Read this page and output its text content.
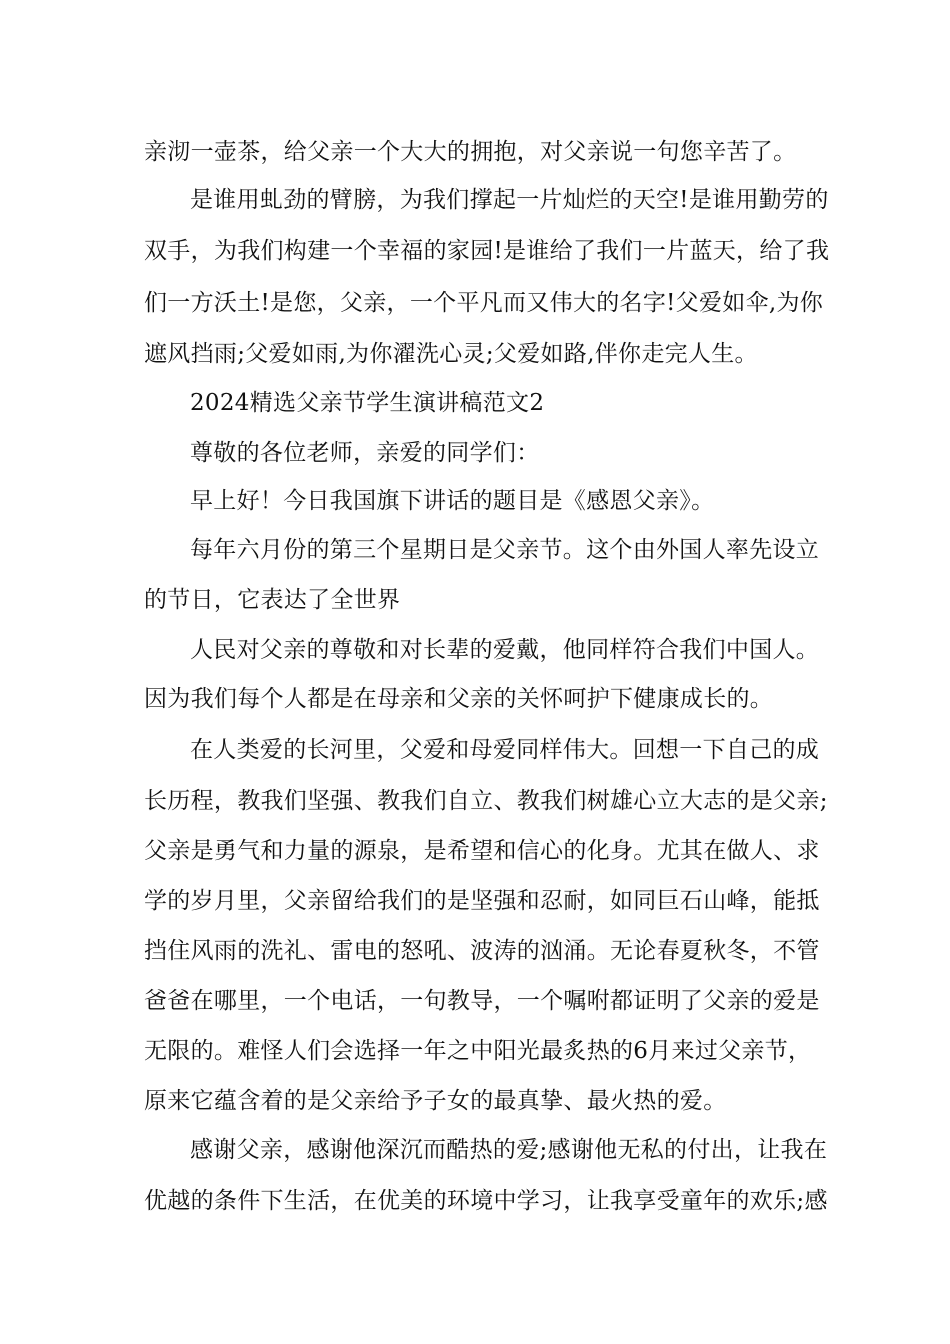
亲沏一壶茶，给父亲一个大大的拥抱，对父亲说一句您辛苦了。
是谁用虬劲的臂膀，为我们撑起一片灿烂的天空!是谁用勤劳的
双手，为我们构建一个幸福的家园!是谁给了我们一片蓝天，给了我
们一方沃土!是您，父亲，一个平凡而又伟大的名字!父爱如伞,为你
遮风挡雨;父爱如雨,为你濯洗心灵;父爱如路,伴你走完人生。
2024精选父亲节学生演讲稿范文2
尊敬的各位老师，亲爱的同学们：
早上好！今日我国旗下讲话的题目是《感恩父亲》。
每年六月份的第三个星期日是父亲节。这个由外国人率先设立
的节日，它表达了全世界
人民对父亲的尊敬和对长辈的爱戴，他同样符合我们中国人。
因为我们每个人都是在母亲和父亲的关怀呵护下健康成长的。
在人类爱的长河里，父爱和母爱同样伟大。回想一下自己的成
长历程，教我们坚强、教我们自立、教我们树雄心立大志的是父亲;
父亲是勇气和力量的源泉，是希望和信心的化身。尤其在做人、求
学的岁月里，父亲留给我们的是坚强和忍耐，如同巨石山峰，能抵
挡住风雨的洗礼、雷电的怒吼、波涛的汹涌。无论春夏秋冬，不管
爸爸在哪里，一个电话，一句教导，一个嘱咐都证明了父亲的爱是
无限的。难怪人们会选择一年之中阳光最炙热的6月来过父亲节，
原来它蕴含着的是父亲给予子女的最真挚、最火热的爱。
感谢父亲，感谢他深沉而酷热的爱;感谢他无私的付出，让我在
优越的条件下生活，在优美的环境中学习，让我享受童年的欢乐;感
